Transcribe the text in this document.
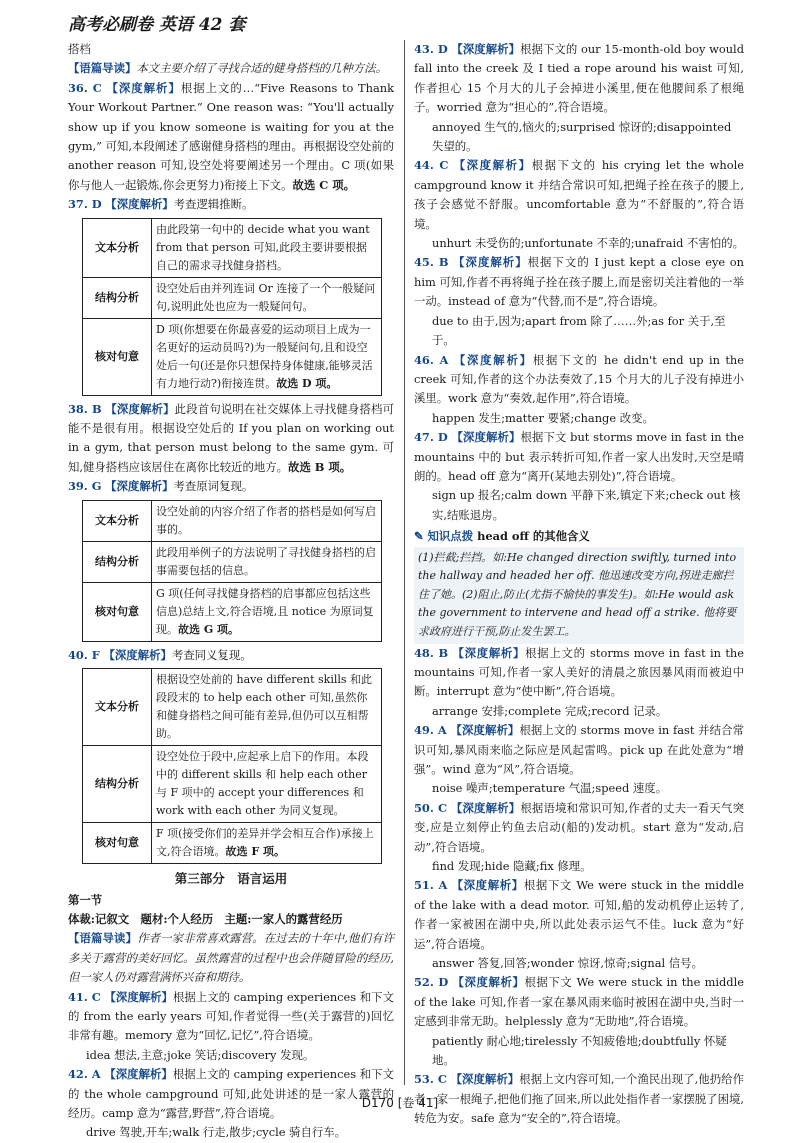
高考必刷卷 英语 42 套

搭档

【语篇导读】本文主要介绍了寻找合适的健身搭档的几种方法。

36. C 【深度解析】根据上文的…“Five Reasons to Thank Your Workout Partner.” One reason was: “You'll actually show up if you know someone is waiting for you at the gym,” 可知,本段阐述了感谢健身搭档的理由。再根据设空处前的 another reason 可知,设空处将要阐述另一个理由。C 项(如果你与他人一起锻炼,你会更努力)衔接上下文。故选 C 项。

37. D 【深度解析】考查逻辑推断。

文本分析	由此段第一句中的 decide what you want from that person 可知,此段主要讲要根据自己的需求寻找健身搭档。
结构分析	设空处后由并列连词 Or 连接了一个一般疑问句,说明此处也应为一般疑问句。
核对句意	D 项(你想要在你最喜爱的运动项目上成为一名更好的运动员吗?)为一般疑问句,且和设空处后一句(还是你只想保持身体健康,能够灵活有力地行动?)衔接连贯。故选 D 项。

38. B 【深度解析】此段首句说明在社交媒体上寻找健身搭档可能不是很有用。根据设空处后的 If you plan on working out in a gym, that person must belong to the same gym. 可知,健身搭档应该居住在离你比较近的地方。故选 B 项。

39. G 【深度解析】考查原词复现。

文本分析	设空处前的内容介绍了作者的搭档是如何写启事的。
结构分析	此段用举例子的方法说明了寻找健身搭档的启事需要包括的信息。
核对句意	G 项(任何寻找健身搭档的启事都应包括这些信息)总结上文,符合语境,且 notice 为原词复现。故选 G 项。

40. F 【深度解析】考查同义复现。

文本分析	根据设空处前的 have different skills 和此段段末的 to help each other 可知,虽然你和健身搭档之间可能有差异,但仍可以互相帮助。
结构分析	设空处位于段中,应起承上启下的作用。本段中的 different skills 和 help each other 与 F 项中的 accept your differences 和 work with each other 为同义复现。
核对句意	F 项(接受你们的差异并学会相互合作)承接上文,符合语境。故选 F 项。
第三部分　语言运用

第一节

体裁:记叙文　题材:个人经历　主题:一家人的露营经历

【语篇导读】作者一家非常喜欢露营。在过去的十年中,他们有许多关于露营的美好回忆。虽然露营的过程中也会伴随冒险的经历,但一家人仍对露营满怀兴奋和期待。

41. C 【深度解析】根据上文的 camping experiences 和下文的 from the early years 可知,作者觉得一些(关于露营的)回忆非常有趣。memory 意为“回忆,记忆”,符合语境。

idea 想法,主意;joke 笑话;discovery 发现。

42. A 【深度解析】根据上文的 camping experiences 和下文的 the whole campground 可知,此处讲述的是一家人露营的经历。camp 意为“露营,野营”,符合语境。

drive 驾驶,开车;walk 行走,散步;cycle 骑自行车。

43. D 【深度解析】根据下文的 our 15-month-old boy would fall into the creek 及 I tied a rope around his waist 可知,作者担心 15 个月大的儿子会掉进小溪里,便在他腰间系了根绳子。worried 意为“担心的”,符合语境。

annoyed 生气的,恼火的;surprised 惊讶的;disappointed 失望的。

44. C 【深度解析】根据下文的 his crying let the whole campground know it 并结合常识可知,把绳子拴在孩子的腰上,孩子会感觉不舒服。uncomfortable 意为“不舒服的”,符合语境。

unhurt 未受伤的;unfortunate 不幸的;unafraid 不害怕的。

45. B 【深度解析】根据下文的 I just kept a close eye on him 可知,作者不再将绳子拴在孩子腰上,而是密切关注着他的一举一动。instead of 意为“代替,而不是”,符合语境。

due to 由于,因为;apart from 除了……外;as for 关于,至于。

46. A 【深度解析】根据下文的 he didn't end up in the creek 可知,作者的这个办法奏效了,15 个月大的儿子没有掉进小溪里。work 意为“奏效,起作用”,符合语境。

happen 发生;matter 要紧;change 改变。

47. D 【深度解析】根据下文 but storms move in fast in the mountains 中的 but 表示转折可知,作者一家人出发时,天空是晴朗的。head off 意为“离开(某地去别处)”,符合语境。

sign up 报名;calm down 平静下来,镇定下来;check out 核实,结账退房。

✎ 知识点拨 head off 的其他含义
(1)拦截;拦挡。如:He changed direction swiftly, turned into the hallway and headed her off. 他迅速改变方向,拐进走廊拦住了她。(2)阻止,防止(尤指不愉快的事发生)。如:He would ask the government to intervene and head off a strike. 他将要求政府进行干预,防止发生罢工。

48. B 【深度解析】根据上文的 storms move in fast in the mountains 可知,作者一家人美好的清晨之旅因暴风雨而被迫中断。interrupt 意为“使中断”,符合语境。

arrange 安排;complete 完成;record 记录。

49. A 【深度解析】根据上文的 storms move in fast 并结合常识可知,暴风雨来临之际应是风起雷鸣。pick up 在此处意为“增强”。wind 意为“风”,符合语境。

noise 噪声;temperature 气温;speed 速度。

50. C 【深度解析】根据语境和常识可知,作者的丈夫一看天气突变,应是立刻停止钓鱼去启动(船的)发动机。start 意为“发动,启动”,符合语境。

find 发现;hide 隐藏;fix 修理。

51. A 【深度解析】根据下文 We were stuck in the middle of the lake with a dead motor. 可知,船的发动机停止运转了,作者一家被困在湖中央,所以此处表示运气不佳。luck 意为“好运”,符合语境。

answer 答复,回答;wonder 惊讶,惊奇;signal 信号。

52. D 【深度解析】根据下文 We were stuck in the middle of the lake 可知,作者一家在暴风雨来临时被困在湖中央,当时一定感到非常无助。helplessly 意为“无助地”,符合语境。

patiently 耐心地;tirelessly 不知疲倦地;doubtfully 怀疑地。

53. C 【深度解析】根据上文内容可知,一个渔民出现了,他扔给作者一家一根绳子,把他们拖了回来,所以此处指作者一家摆脱了困境,转危为安。safe 意为“安全的”,符合语境。

D170 [卷 41]
